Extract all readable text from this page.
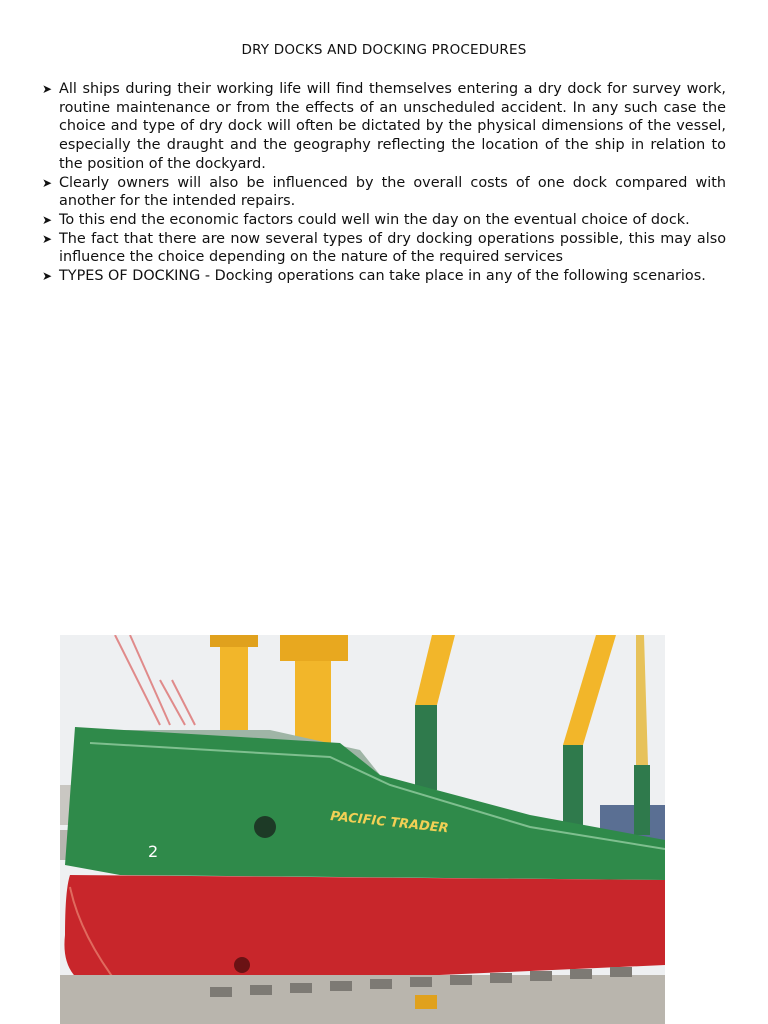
DRY DOCKS AND DOCKING PROCEDURES
➤ All ships during their working life will find themselves entering a dry dock for survey work, routine maintenance or from the effects of an unscheduled accident. In any such case the choice and type of dry dock will often be dictated by the physical dimensions of the vessel, especially the draught and the geography reflecting the location of the ship in relation to the position of the dockyard.
➤ Clearly owners will also be influenced by the overall costs of one dock compared with another for the intended repairs.
➤ To this end the economic factors could well win the day on the eventual choice of dock.
➤ The fact that there are now several types of dry docking operations possible, this may also influence the choice depending on the nature of the required services
➤ TYPES OF DOCKING - Docking operations can take place in any of the following scenarios.
PACIFIC TRADER
2
